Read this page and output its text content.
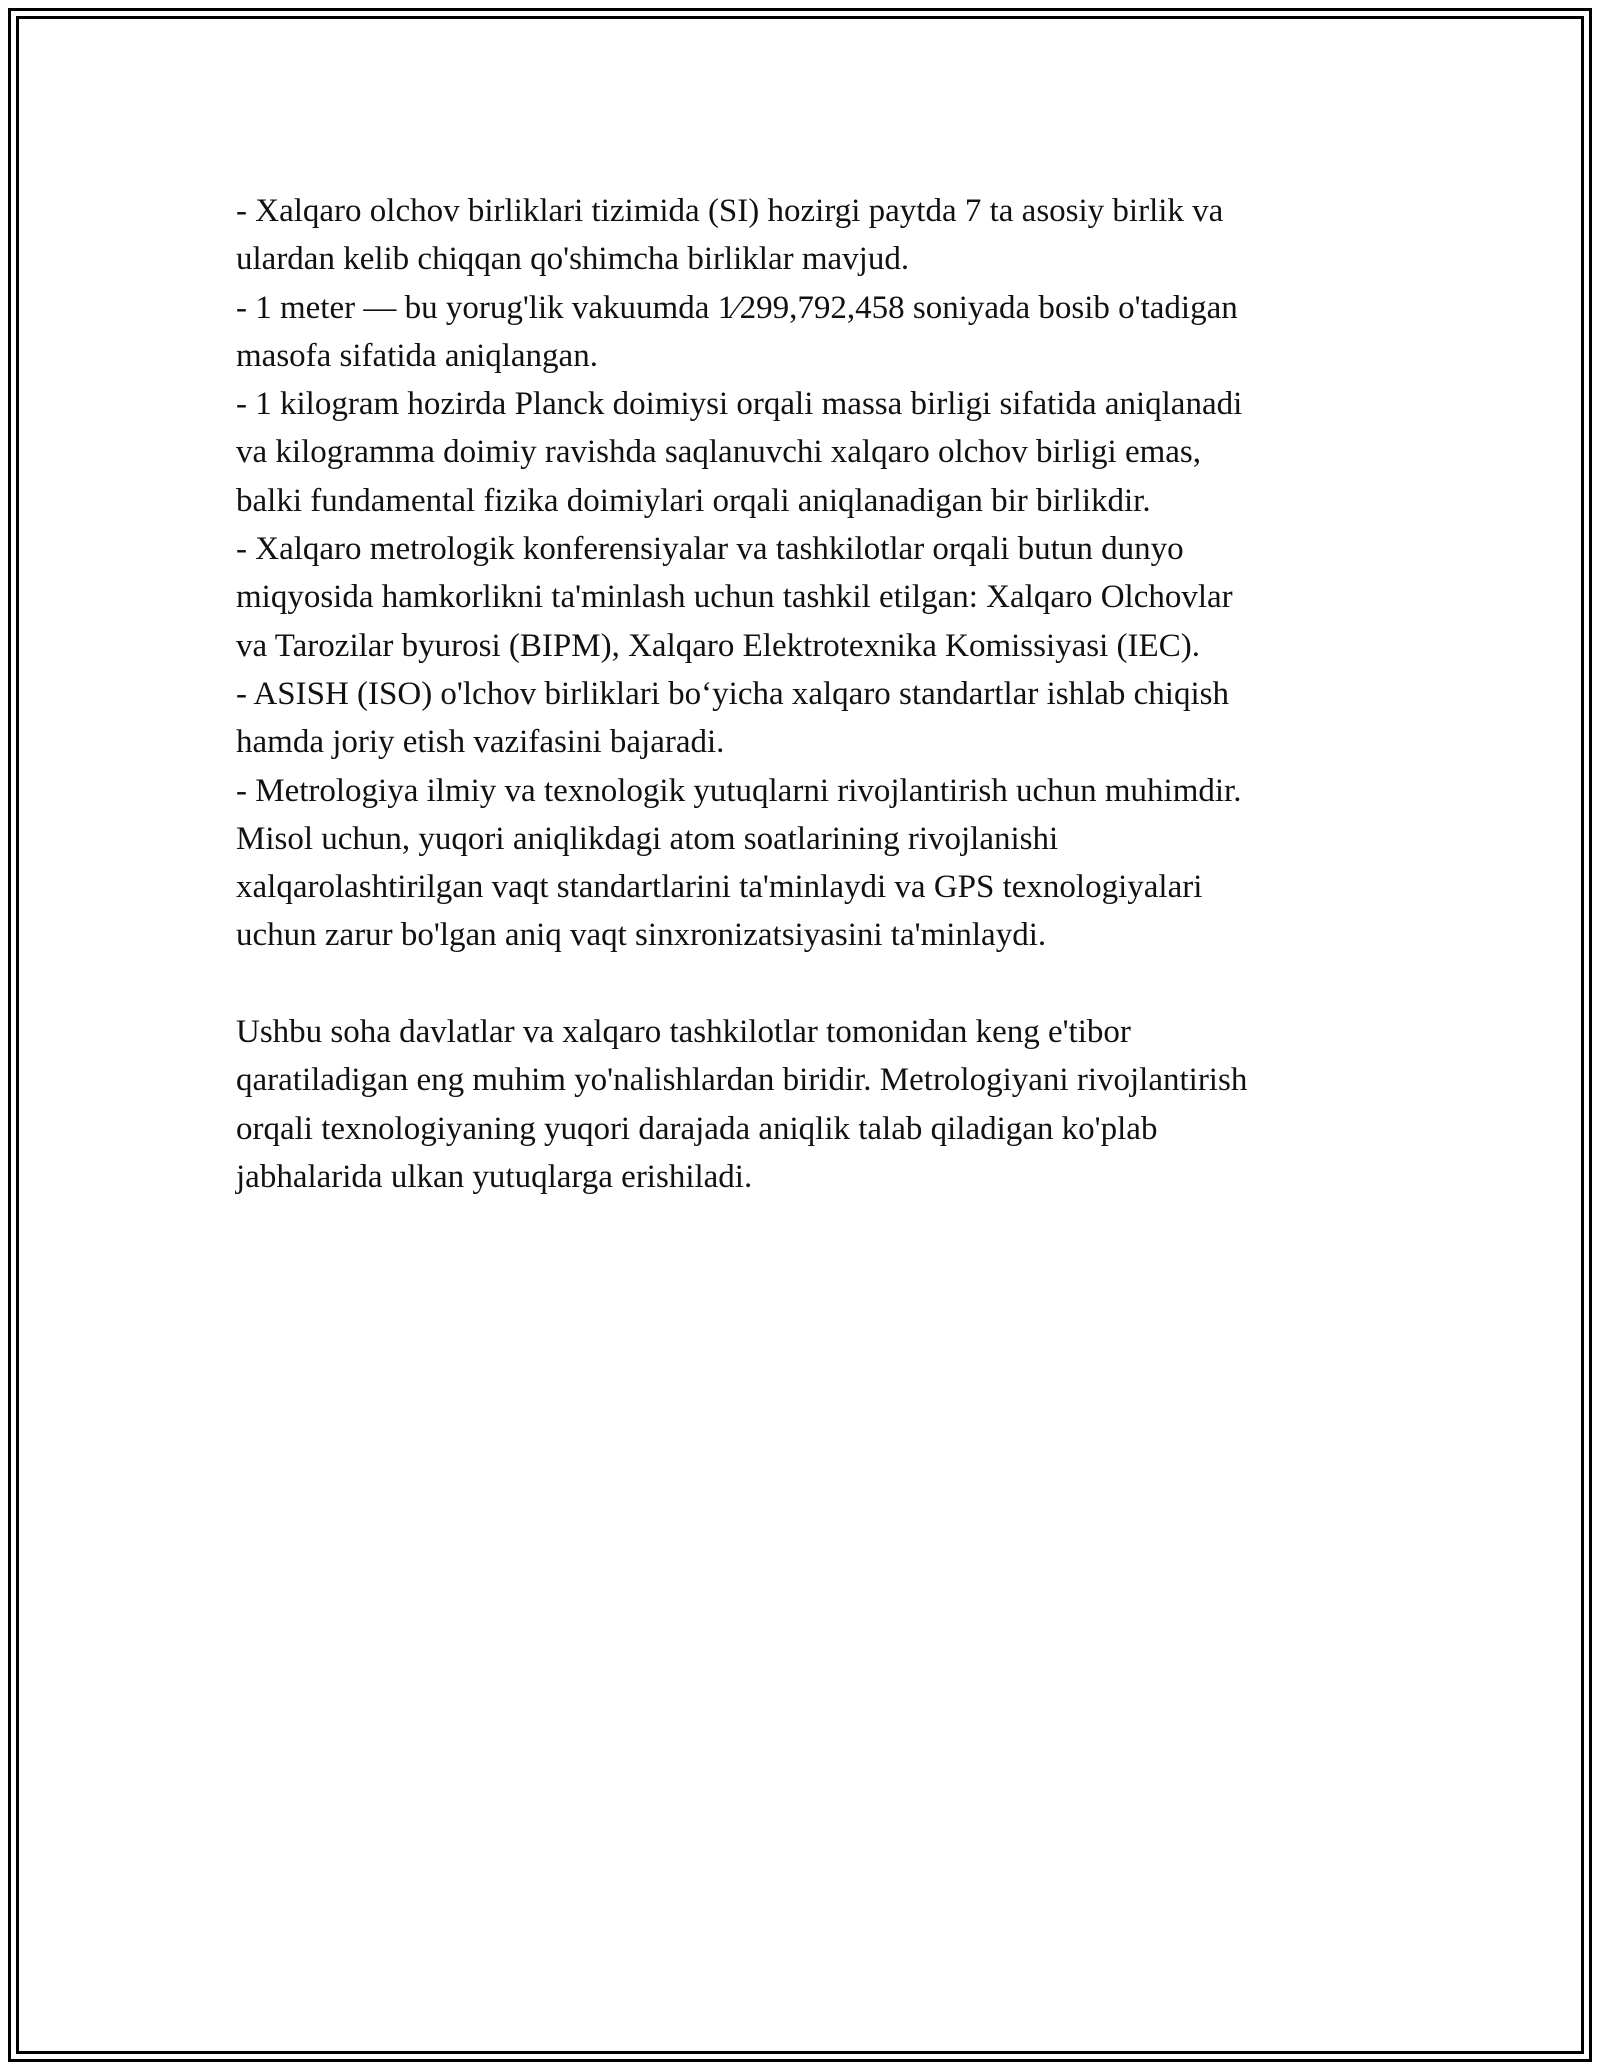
- Xalqaro olchov birliklari tizimida (SI) hozirgi paytda 7 ta asosiy birlik va
ulardan kelib chiqqan qo'shimcha birliklar mavjud.
- 1 meter — bu yorug'lik vakuumda 1⁄299,792,458 soniyada bosib o'tadigan
masofa sifatida aniqlangan.
- 1 kilogram hozirda Planck doimiysi orqali massa birligi sifatida aniqlanadi
va kilogramma doimiy ravishda saqlanuvchi xalqaro olchov birligi emas,
balki fundamental fizika doimiylari orqali aniqlanadigan bir birlikdir.
- Xalqaro metrologik konferensiyalar va tashkilotlar orqali butun dunyo
miqyosida hamkorlikni ta'minlash uchun tashkil etilgan: Xalqaro Olchovlar
va Tarozilar byurosi (BIPM), Xalqaro Elektrotexnika Komissiyasi (IEC).
- ASISH (ISO) o'lchov birliklari bo‘yicha xalqaro standartlar ishlab chiqish
hamda joriy etish vazifasini bajaradi.
- Metrologiya ilmiy va texnologik yutuqlarni rivojlantirish uchun muhimdir.
Misol uchun, yuqori aniqlikdagi atom soatlarining rivojlanishi
xalqarolashtirilgan vaqt standartlarini ta'minlaydi va GPS texnologiyalari
uchun zarur bo'lgan aniq vaqt sinxronizatsiyasini ta'minlaydi.
Ushbu soha davlatlar va xalqaro tashkilotlar tomonidan keng e'tibor
qaratiladigan eng muhim yo'nalishlardan biridir. Metrologiyani rivojlantirish
orqali texnologiyaning yuqori darajada aniqlik talab qiladigan ko'plab
jabhalarida ulkan yutuqlarga erishiladi.
